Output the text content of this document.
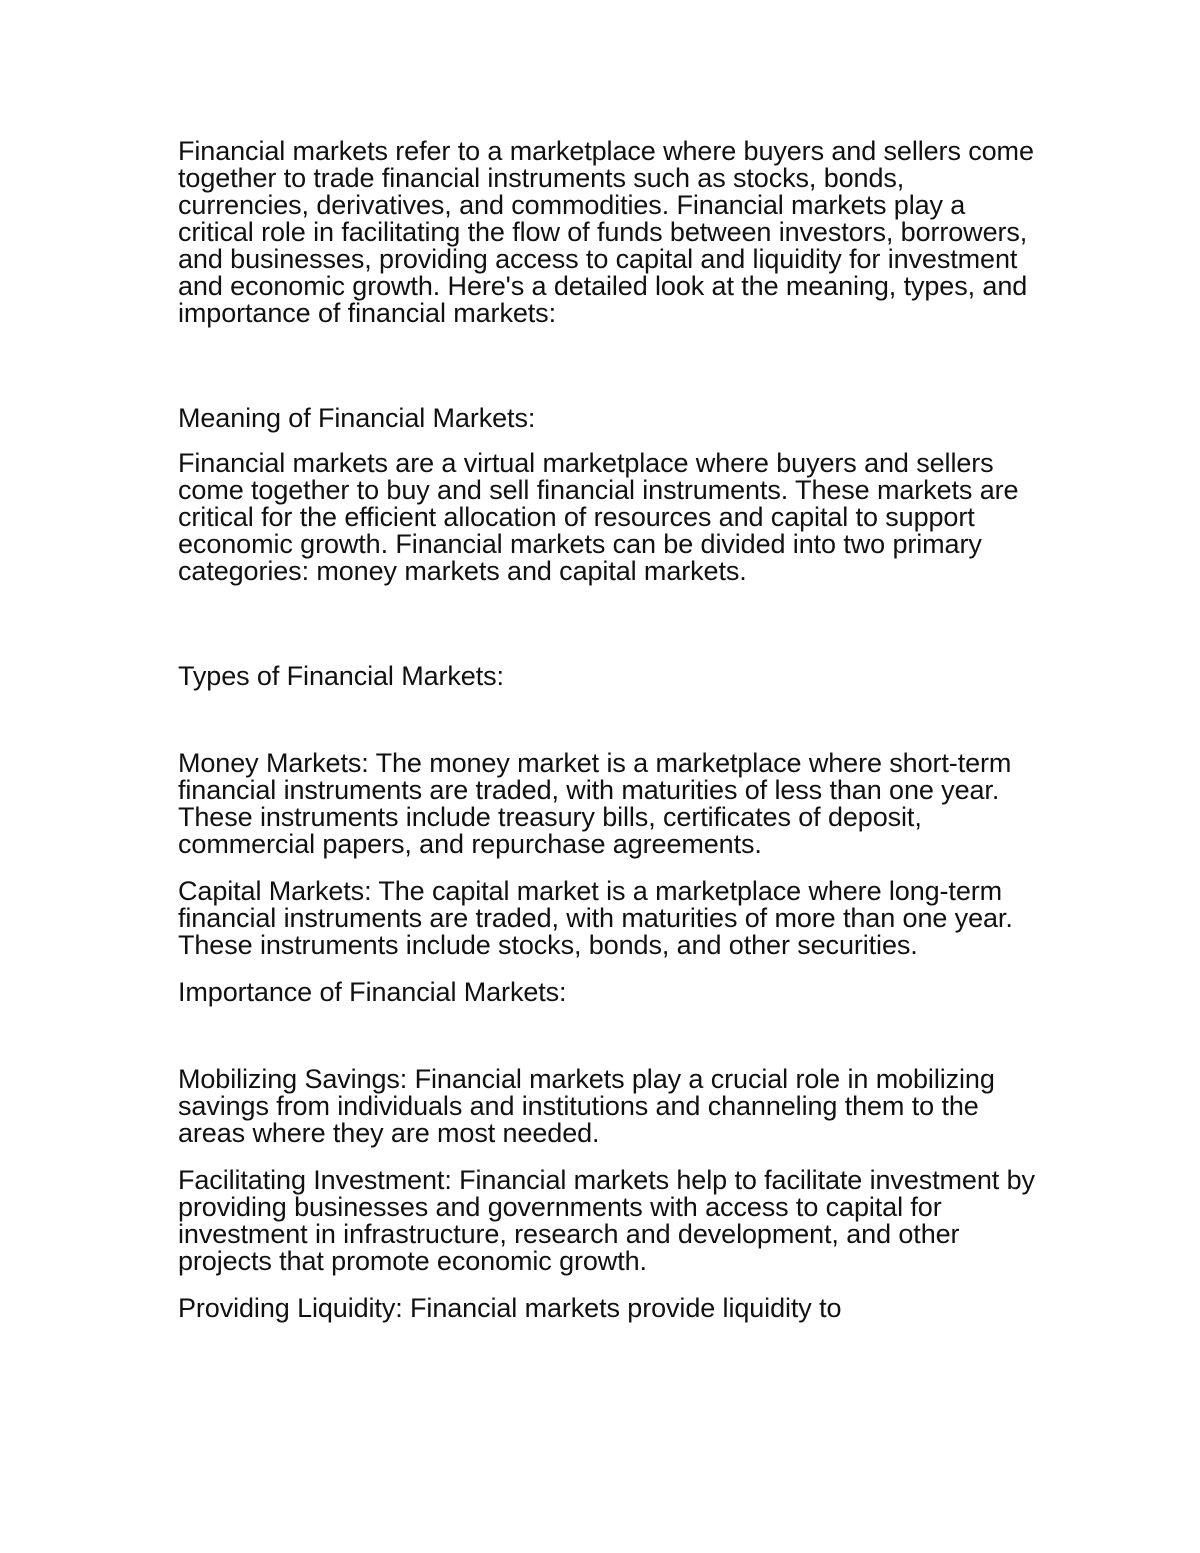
Financial markets refer to a marketplace where buyers and sellers come together to trade financial instruments such as stocks, bonds, currencies, derivatives, and commodities. Financial markets play a critical role in facilitating the flow of funds between investors, borrowers, and businesses, providing access to capital and liquidity for investment and economic growth. Here's a detailed look at the meaning, types, and importance of financial markets:

Meaning of Financial Markets:

Financial markets are a virtual marketplace where buyers and sellers come together to buy and sell financial instruments. These markets are critical for the efficient allocation of resources and capital to support economic growth. Financial markets can be divided into two primary categories: money markets and capital markets.

Types of Financial Markets:

Money Markets: The money market is a marketplace where short-term financial instruments are traded, with maturities of less than one year. These instruments include treasury bills, certificates of deposit, commercial papers, and repurchase agreements.

Capital Markets: The capital market is a marketplace where long-term financial instruments are traded, with maturities of more than one year. These instruments include stocks, bonds, and other securities.

Importance of Financial Markets:

Mobilizing Savings: Financial markets play a crucial role in mobilizing savings from individuals and institutions and channeling them to the areas where they are most needed.

Facilitating Investment: Financial markets help to facilitate investment by providing businesses and governments with access to capital for investment in infrastructure, research and development, and other projects that promote economic growth.

Providing Liquidity: Financial markets provide liquidity to
